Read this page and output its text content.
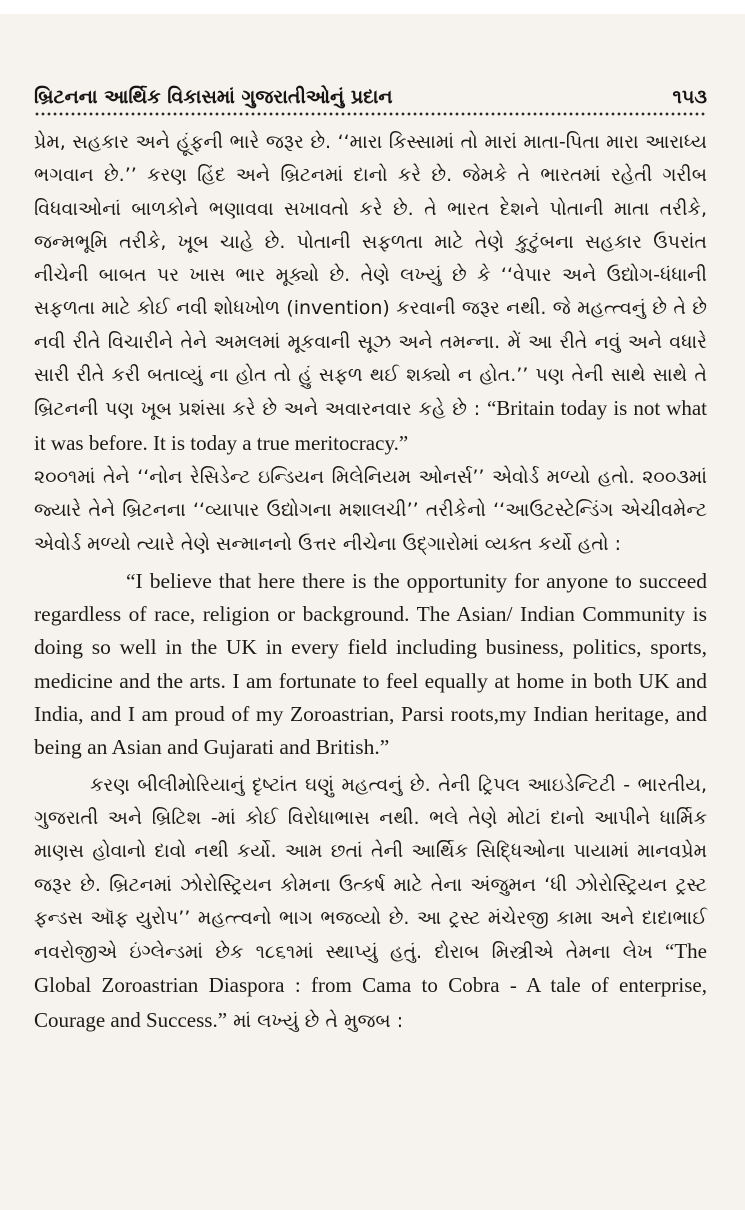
બ્રિટનના આર્થિક વિકાસમાં ગુજરાતીઓનું પ્રદાન	૧૫૩

પ્રેમ, સહકાર અને હૂંફની ભારે જરૂર છે. ‘‘મારા કિસ્સામાં તો મારાં માતા-પિતા મારા આરાધ્ય ભગવાન છે.’’ કરણ હિંદ અને બ્રિટનમાં દાનો કરે છે. જેમકે તે ભારતમાં રહેતી ગરીબ વિધવાઓનાં બાળકોને ભણાવવા સખાવતો કરે છે. તે ભારત દેશને પોતાની માતા તરીકે, જન્મભૂમિ તરીકે, ખૂબ ચાહે છે. પોતાની સફળતા માટે તેણે કુટુંબના સહકાર ઉપરાંત નીચેની બાબત પર ખાસ ભાર મૂક્યો છે. તેણે લખ્યું છે કે ‘‘વેપાર અને ઉદ્યોગ-ધંધાની સફળતા માટે કોઈ નવી શોધખોળ (invention) કરવાની જરૂર નથી. જે મહત્ત્વનું છે તે છે નવી રીતે વિચારીને તેને અમલમાં મૂકવાની સૂઝ અને તમન્ના. મેં આ રીતે નવું અને વધારે સારી રીતે કરી બતાવ્યું ના હોત તો હું સફળ થઈ શક્યો ન હોત.’’ પણ તેની સાથે સાથે તે બ્રિટનની પણ ખૂબ પ્રશંસા કરે છે અને અવારનવાર કહે છે : “Britain today is not what it was before. It is today a true meritocracy.”

૨૦૦૧માં તેને ‘‘નોન રેસિડેન્ટ ઇન્ડિયન મિલેનિયમ ઓનર્સ’’ એવોર્ડ મળ્યો હતો. ૨૦૦૩માં જ્યારે તેને બ્રિટનના ‘‘વ્યાપાર ઉદ્યોગના મશાલચી’’ તરીકેનો ‘‘આઉટસ્ટેન્ડિંગ એચીવમેન્ટ એવોર્ડ મળ્યો ત્યારે તેણે સન્માનનો ઉત્તર નીચેના ઉદ્ગારોમાં વ્યક્ત કર્યો હતો :

“I believe that here there is the opportunity for anyone to succeed regardless of race, religion or background. The Asian/ Indian Community is doing so well in the UK in every field including business, politics, sports, medicine and the arts. I am fortunate to feel equally at home in both UK and India, and I am proud of my Zoroastrian, Parsi roots,my Indian heritage, and being an Asian and Gujarati and British.”

કરણ બીલીમોરિયાનું દૃષ્ટાંત ઘણું મહત્વનું છે. તેની ટ્રિપલ આઇડેન્ટિટી - ભારતીય, ગુજરાતી અને બ્રિટિશ -માં કોઈ વિરોધાભાસ નથી. ભલે તેણે મોટાં દાનો આપીને ધાર્મિક માણસ હોવાનો દાવો નથી કર્યો. આમ છતાં તેની આર્થિક સિદ્ધિઓના પાયામાં માનવપ્રેમ જરૂર છે. બ્રિટનમાં ઝોરોસ્ટ્રિયન કોમના ઉત્કર્ષ માટે તેના અંજુમન ‘ધી ઝોરોસ્ટ્રિયન ટ્રસ્ટ ફન્ડસ ઑફ યુરોપ’’ મહત્ત્વનો ભાગ ભજવ્યો છે. આ ટ્રસ્ટ મંચેરજી કામા અને દાદાભાઈ નવરોજીએ ઇંગ્લેન્ડમાં છેક ૧૮૬૧માં સ્થાપ્યું હતું. દોરાબ મિસ્ત્રીએ તેમના લેખ “The Global Zoroastrian Diaspora : from Cama to Cobra - A tale of enterprise, Courage and Success.” માં લખ્યું છે તે મુજબ :
